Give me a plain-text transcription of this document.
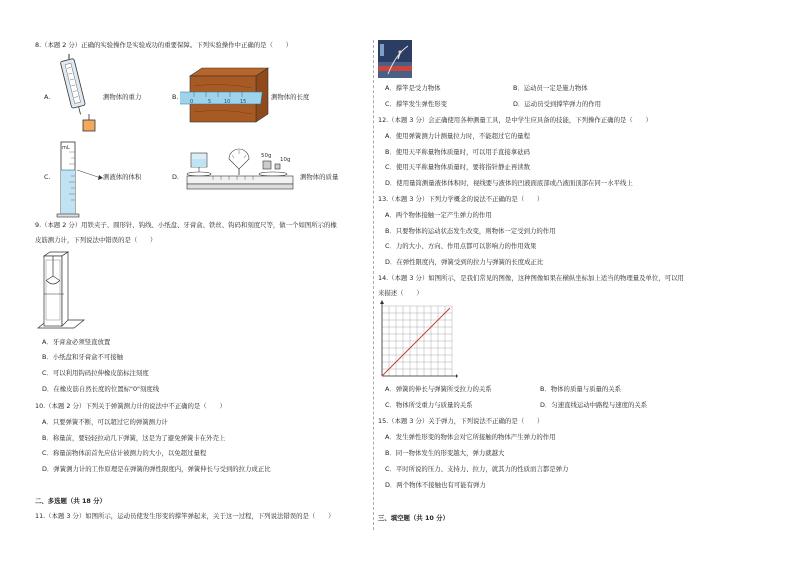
8.（本题 2 分）正确的实验操作是实验成功的重要保障。下列实验操作中正确的是（　　）
A.	测物体的重力
0	5	10 15
B.	测物体的长度
mL
C.	测液体的体积
50g
10g
D.	测物体的质量
9.（本题 2 分）用铁夹子、圆形针、钩线、小纸盘、牙膏盒、铁丝、钩码和刻度尺等，做一个如图所示的橡
皮筋测力计，下列说法中错误的是（　　）
A．牙膏盒必须竖直放置
B．小纸盘和牙膏盒不可接触
C．可以利用钩码拉伸橡皮筋标注刻度
D．在橡皮筋自然长度的位置标"0"刻度线
10.（本题 2 分）下列关于弹簧测力计的说法中不正确的是（　　）
A．只要弹簧不断，可以超过它的弹簧测力计
B．称量前，要轻轻拉动几下弹簧，这是为了避免弹簧卡在外壳上
C．称量前物体前首先应估计被测力的大小，以免超过量程
D．弹簧测力计的工作原理是在弹簧的弹性限度内，弹簧伸长与受到的拉力成正比
二、多选题（共 18 分）
11.（本题 3 分）如图所示，运动员使发生形变的撑竿弹起来，关于这一过程，下列说法错误的是（　　）
A．撑竿是受力物体	B．运动员一定是施力物体
C．撑竿发生弹性形变	D．运动员受到撑竿弹力的作用
12.（本题 3 分）会正确使用各种测量工具，是中学生应具备的技能，下列操作正确的是（　　）
A．使用弹簧测力计测量拉力时，不能超过它的量程
B．使用天平称量物体质量时，可以用手直接拿砝码
C．使用天平称量物体质量时，要将指针静止再读数
D．使用量筒测量液体体积时，视线要与液体的凹液面底部或凸液面顶部在同一水平线上
13.（本题 3 分）下列力学概念的说法不正确的是（　　）
A．两个物体接触一定产生弹力的作用
B．只要物体的运动状态发生改变，则物体一定受到力的作用
C．力的大小、方向、作用点都可以影响力的作用效果
D．在弹性限度内，弹簧受到的拉力与弹簧的长度成正比
14.（本题 3 分）如图所示，是我们常见的图像，这种图像如果在横纵坐标加上适当的物理量及单位，可以用
来描述（　　）
A．弹簧的伸长与弹簧所受拉力的关系	B．物体的质量与质量的关系
C．物体所受重力与质量的关系	D．匀速直线运动中路程与速度的关系
15.（本题 3 分）关于弹力，下列说法不正确的是（　　）
A．发生弹性形变的物体会对它所接触的物体产生弹力的作用
B．同一物体发生的形变越大，弹力就越大
C．平时所说的压力、支持力、拉力，就其力的性质而言都是弹力
D．两个物体不接触也有可能有弹力
三、填空题（共 10 分）
